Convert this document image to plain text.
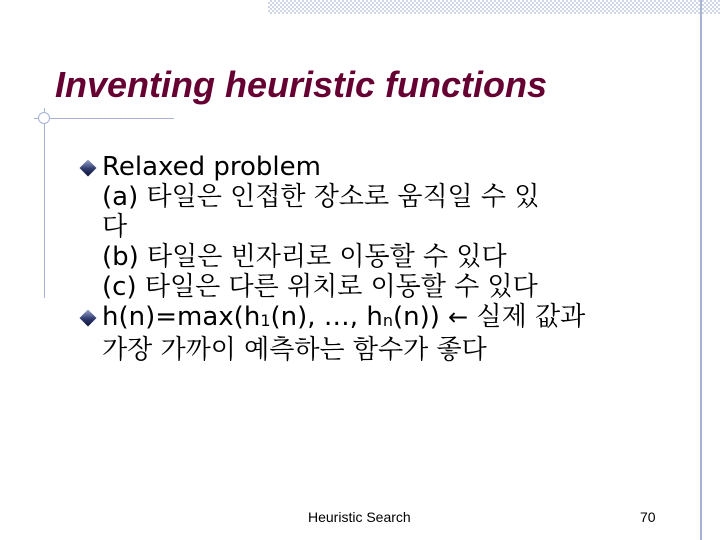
Inventing heuristic functions
Relaxed problem
(a) 타일은 인접한 장소로 움직일 수 있
다
(b) 타일은 빈자리로 이동할 수 있다
(c) 타일은 다른 위치로 이동할 수 있다
h(n)=max(h1(n), …, hn(n)) ← 실제 값과
가장 가까이 예측하는 함수가 좋다
Heuristic Search	70
